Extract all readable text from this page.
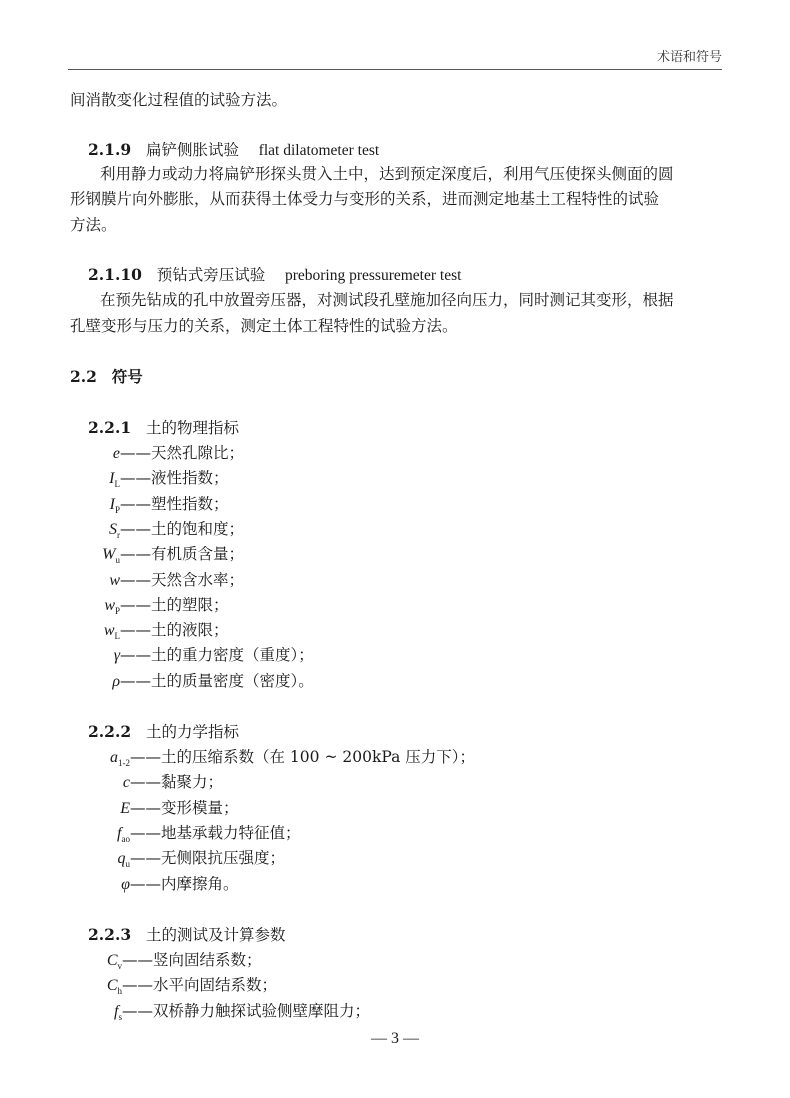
术语和符号
间消散变化过程值的试验方法。
2.1.9 扁铲侧胀试验 flat dilatometer test
利用静力或动力将扁铲形探头贯入土中，达到预定深度后，利用气压使探头侧面的圆
形钢膜片向外膨胀，从而获得土体受力与变形的关系，进而测定地基土工程特性的试验
方法。
2.1.10 预钻式旁压试验 preboring pressuremeter test
在预先钻成的孔中放置旁压器，对测试段孔壁施加径向压力，同时测记其变形，根据
孔壁变形与压力的关系，测定土体工程特性的试验方法。
2.2 符号
2.2.1 土的物理指标
e——天然孔隙比；
$I_L——$液性指数；
$I_P——$塑性指数；
$S_r——$土的饱和度；
$W_u——$有机质含量；
w——天然含水率；
$w_P——$土的塑限；
$w_L——$土的液限；
γ——土的重力密度（重度）；
ρ——土的质量密度（密度）。
2.2.2 土的力学指标
$a_{1-2}——$土的压缩系数（在 100 ~ 200kPa 压力下）；
c——黏聚力；
E——变形模量；
$f_{ao}——$地基承载力特征值；
$q_u——$无侧限抗压强度；
φ——内摩擦角。
2.2.3 土的测试及计算参数
$C_v——$竖向固结系数；
$C_h——$水平向固结系数；
$f_s——$双桥静力触探试验侧壁摩阻力；
— 3 —
